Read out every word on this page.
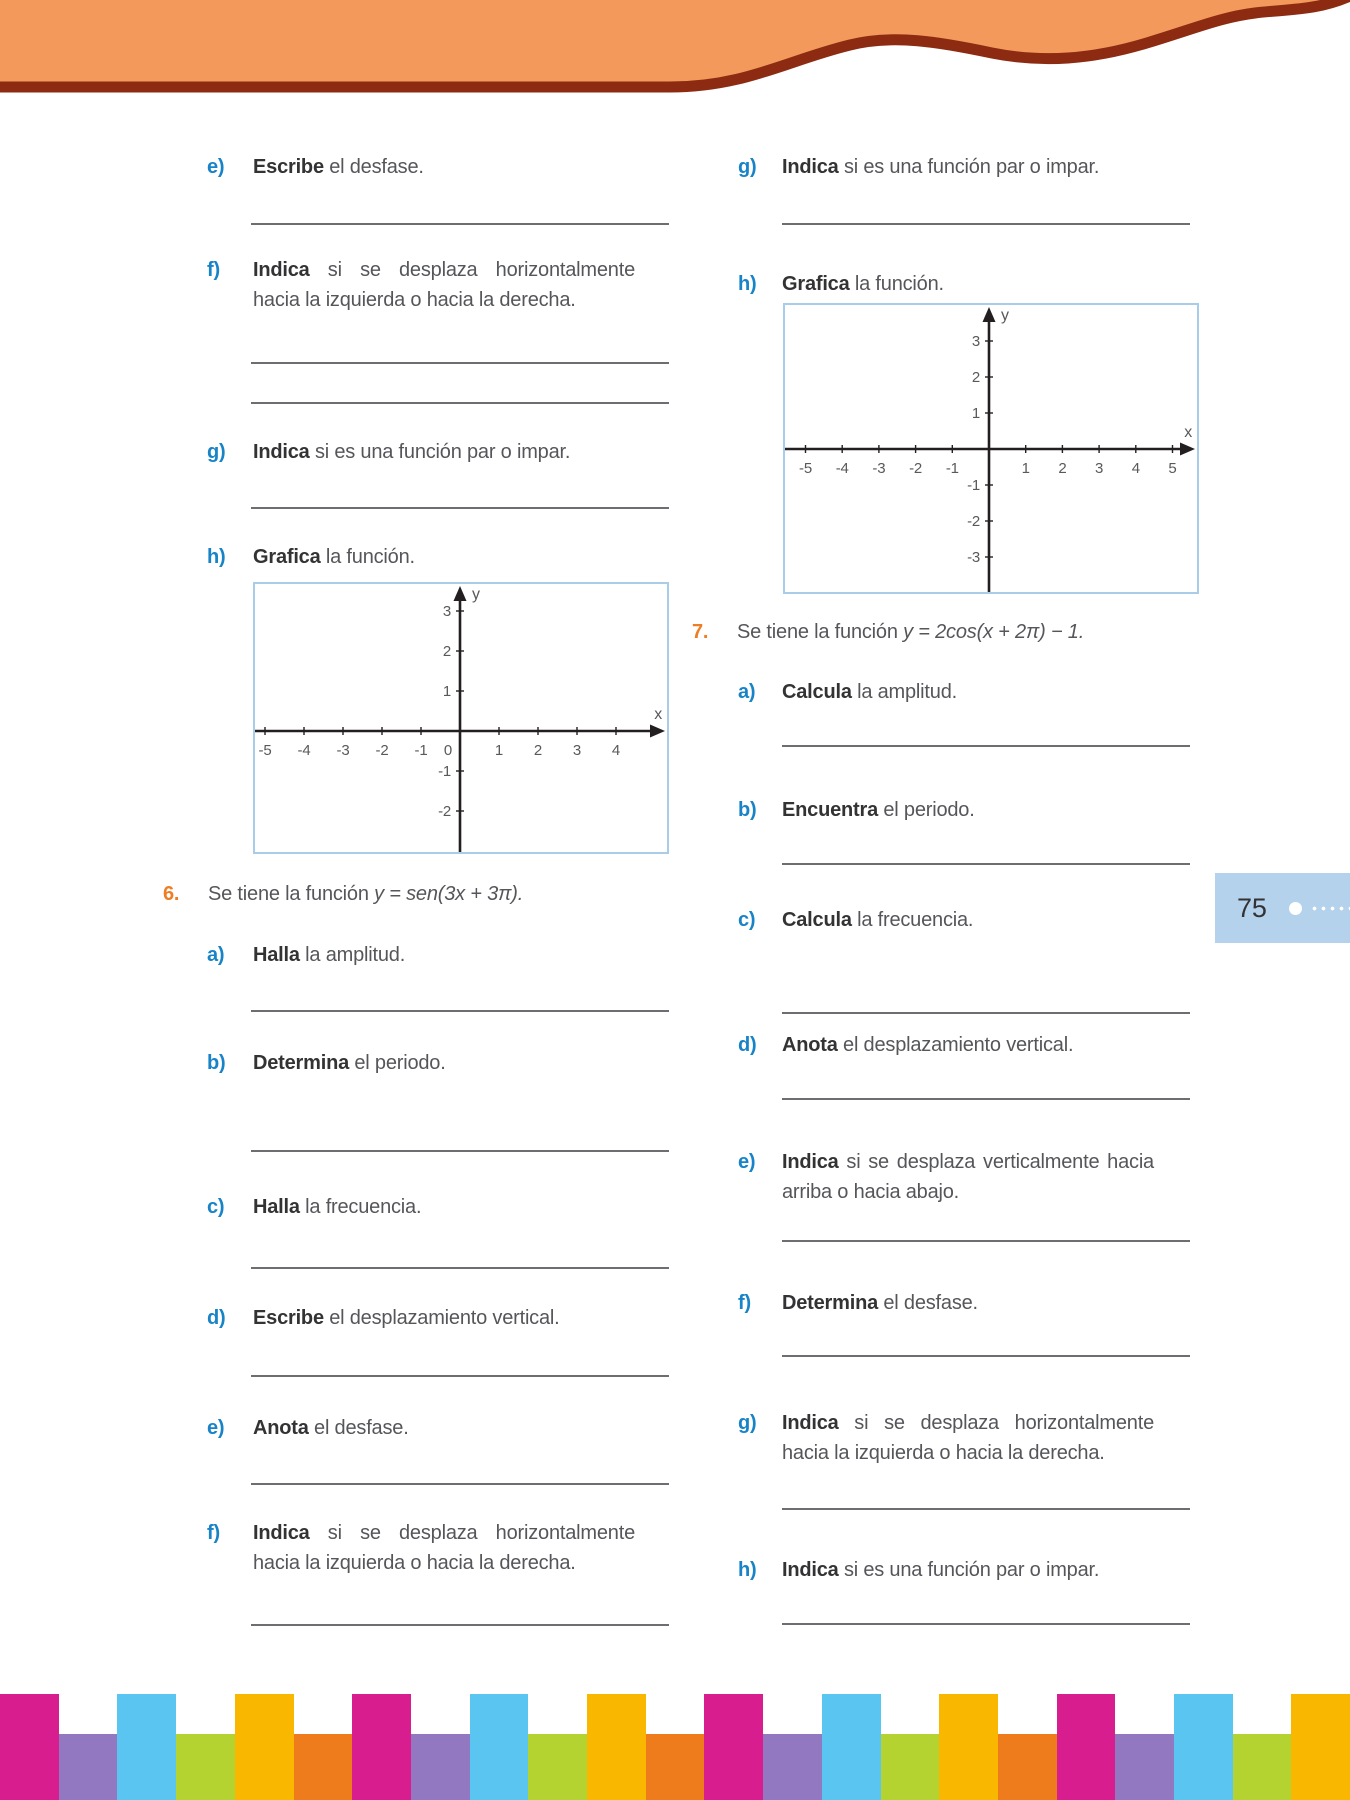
e) Escribe el desfase.

f) Indica si se desplaza horizontalmente
hacia la izquierda o hacia la derecha.

g) Indica si es una función par o impar.

h) Grafica la función.

-5 -4 -3 -2 -1	1 2 3 4
3
2
1
-1
-2
0
x
y
6. Se tiene la función y = sen(3x + 3π).

a) Halla la amplitud.

b) Determina el periodo.

c) Halla la frecuencia.

d) Escribe el desplazamiento vertical.

e) Anota el desfase.

f) Indica si se desplaza horizontalmente
hacia la izquierda o hacia la derecha.

g) Indica si es una función par o impar.

h) Grafica la función.

-5 -4 -3 -2 -1	1 2 3 4 5
3
2
1
-1
-2
-3
x
y
7. Se tiene la función y = 2cos(x + 2π) − 1.

a) Calcula la amplitud.

b) Encuentra el periodo.

c) Calcula la frecuencia.

d) Anota el desplazamiento vertical.

e) Indica si se desplaza verticalmente hacia
arriba o hacia abajo.

f) Determina el desfase.

g) Indica si se desplaza horizontalmente
hacia la izquierda o hacia la derecha.

h) Indica si es una función par o impar.

75
